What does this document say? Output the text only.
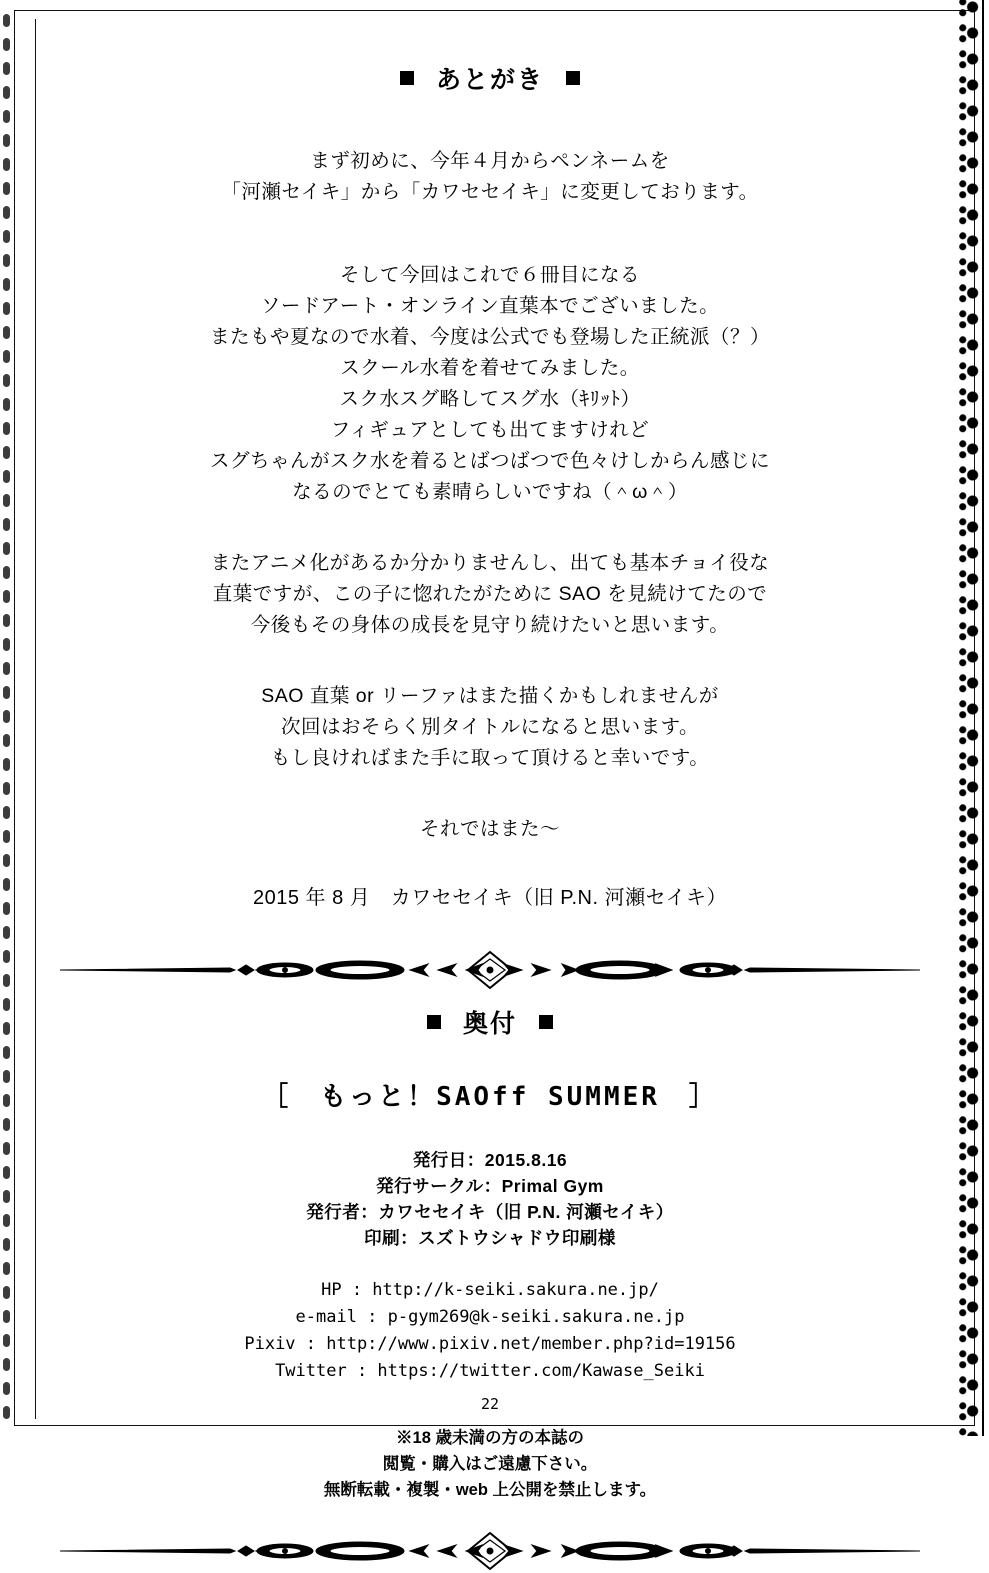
あとがき
まず初めに、今年４月からペンネームを
「河瀬セイキ」から「カワセセイキ」に変更しております。
そして今回はこれで６冊目になる
ソードアート・オンライン直葉本でございました。
またもや夏なので水着、今度は公式でも登場した正統派（？）
スクール水着を着せてみました。
スク水スグ略してスグ水（ｷﾘｯﾄ）
フィギュアとしても出てますけれど
スグちゃんがスク水を着るとばつばつで色々けしからん感じに
なるのでとても素晴らしいですね（＾ω＾）
またアニメ化があるか分かりませんし、出ても基本チョイ役な
直葉ですが、この子に惚れたがために SAO を見続けてたので
今後もその身体の成長を見守り続けたいと思います。
SAO 直葉 or リーファはまた描くかもしれませんが
次回はおそらく別タイトルになると思います。
もし良ければまた手に取って頂けると幸いです。
それではまた～
2015 年 8 月　カワセセイキ（旧 P.N. 河瀬セイキ）
奥付
［　もっと！SAOff SUMMER　］
発行日：2015.8.16
発行サークル：Primal Gym
発行者：カワセセイキ（旧 P.N. 河瀬セイキ）
印刷：スズトウシャドウ印刷様
HP : http://k-seiki.sakura.ne.jp/
e-mail : p-gym269@k-seiki.sakura.ne.jp
Pixiv : http://www.pixiv.net/member.php?id=19156
Twitter : https://twitter.com/Kawase_Seiki
※18 歳未満の方の本誌の
閲覧・購入はご遠慮下さい。
無断転載・複製・web 上公開を禁止します。
22
